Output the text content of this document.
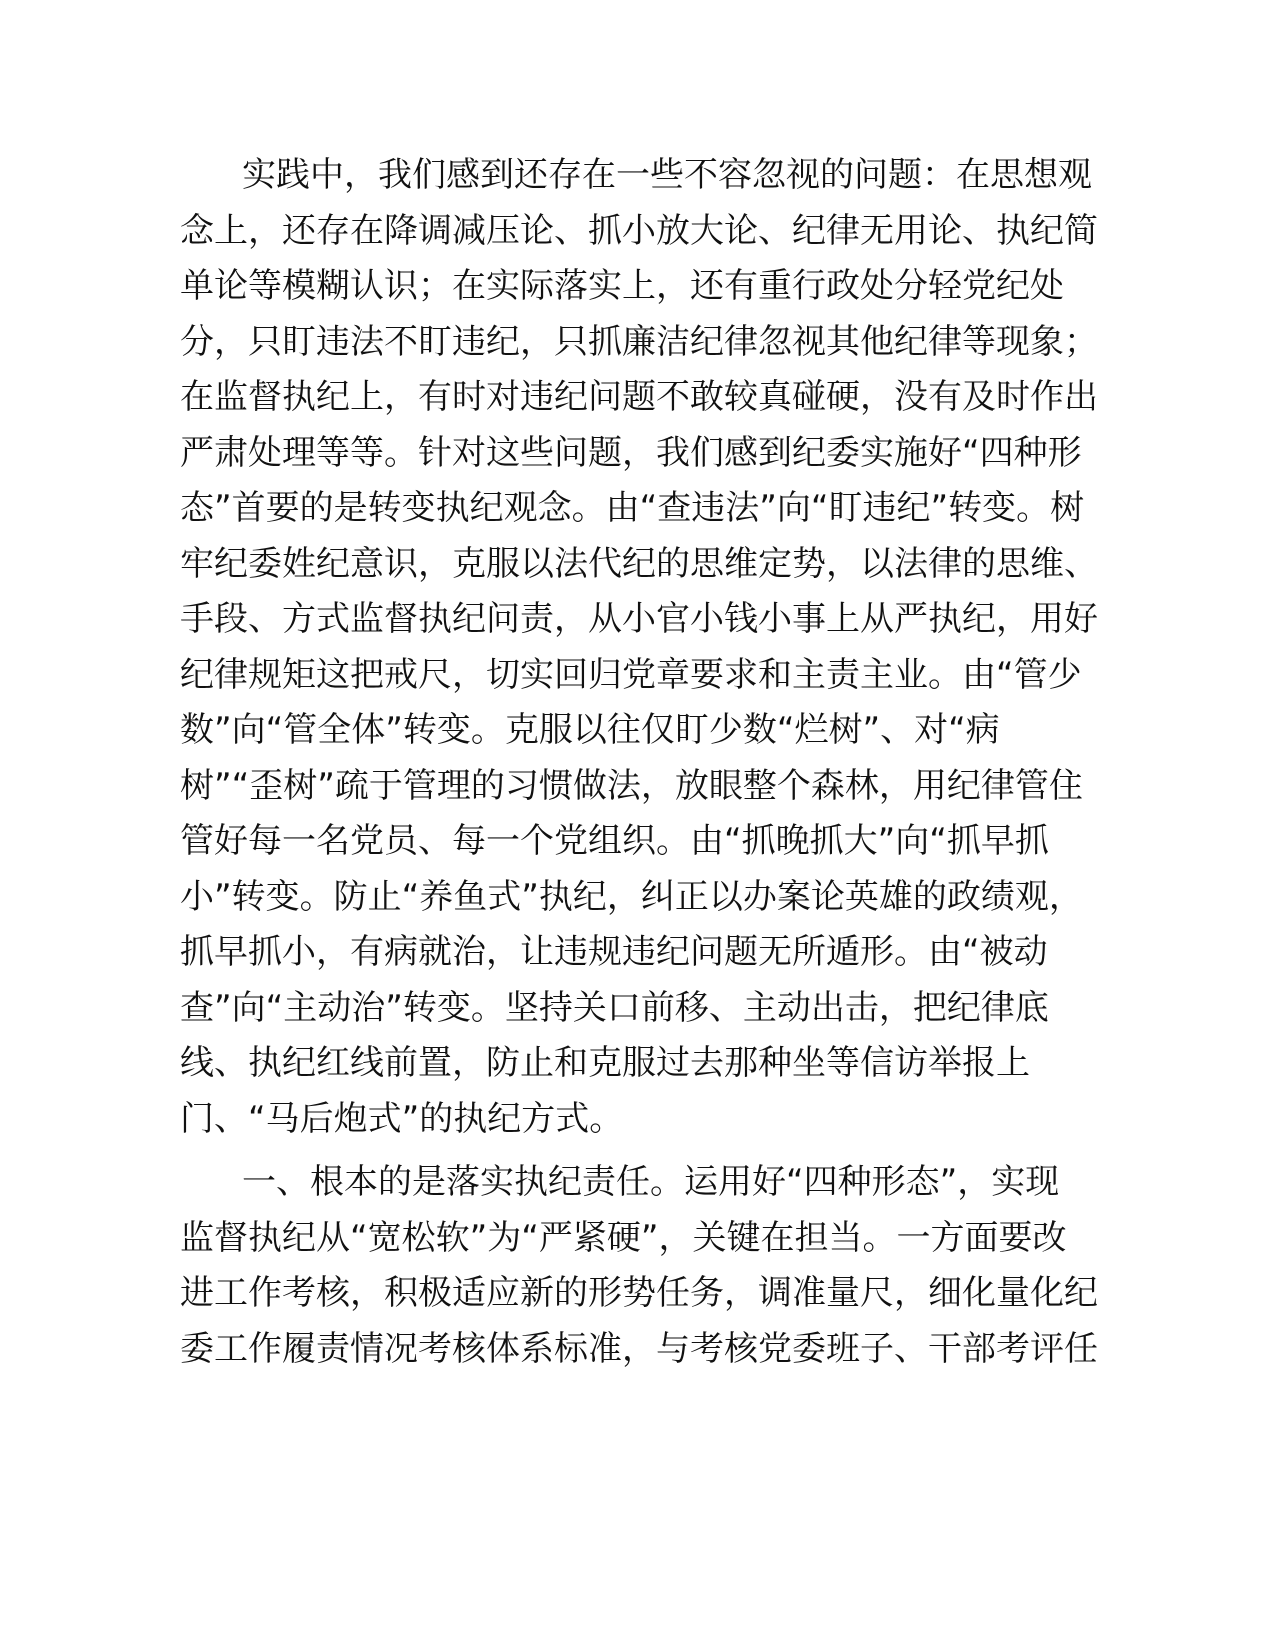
实践中，我们感到还存在一些不容忽视的问题：在思想观
念上，还存在降调减压论、抓小放大论、纪律无用论、执纪简
单论等模糊认识；在实际落实上，还有重行政处分轻党纪处
分，只盯违法不盯违纪，只抓廉洁纪律忽视其他纪律等现象；
在监督执纪上，有时对违纪问题不敢较真碰硬，没有及时作出
严肃处理等等。针对这些问题，我们感到纪委实施好“四种形
态”首要的是转变执纪观念。由“查违法”向“盯违纪”转变。树
牢纪委姓纪意识，克服以法代纪的思维定势，以法律的思维、
手段、方式监督执纪问责，从小官小钱小事上从严执纪，用好
纪律规矩这把戒尺，切实回归党章要求和主责主业。由“管少
数”向“管全体”转变。克服以往仅盯少数“烂树”、对“病
树”“歪树”疏于管理的习惯做法，放眼整个森林，用纪律管住
管好每一名党员、每一个党组织。由“抓晚抓大”向“抓早抓
小”转变。防止“养鱼式”执纪，纠正以办案论英雄的政绩观，
抓早抓小，有病就治，让违规违纪问题无所遁形。由“被动
查”向“主动治”转变。坚持关口前移、主动出击，把纪律底
线、执纪红线前置，防止和克服过去那种坐等信访举报上
门、“马后炮式”的执纪方式。
一、根本的是落实执纪责任。运用好“四种形态”，实现
监督执纪从“宽松软”为“严紧硬”，关键在担当。一方面要改
进工作考核，积极适应新的形势任务，调准量尺，细化量化纪
委工作履责情况考核体系标准，与考核党委班子、干部考评任
